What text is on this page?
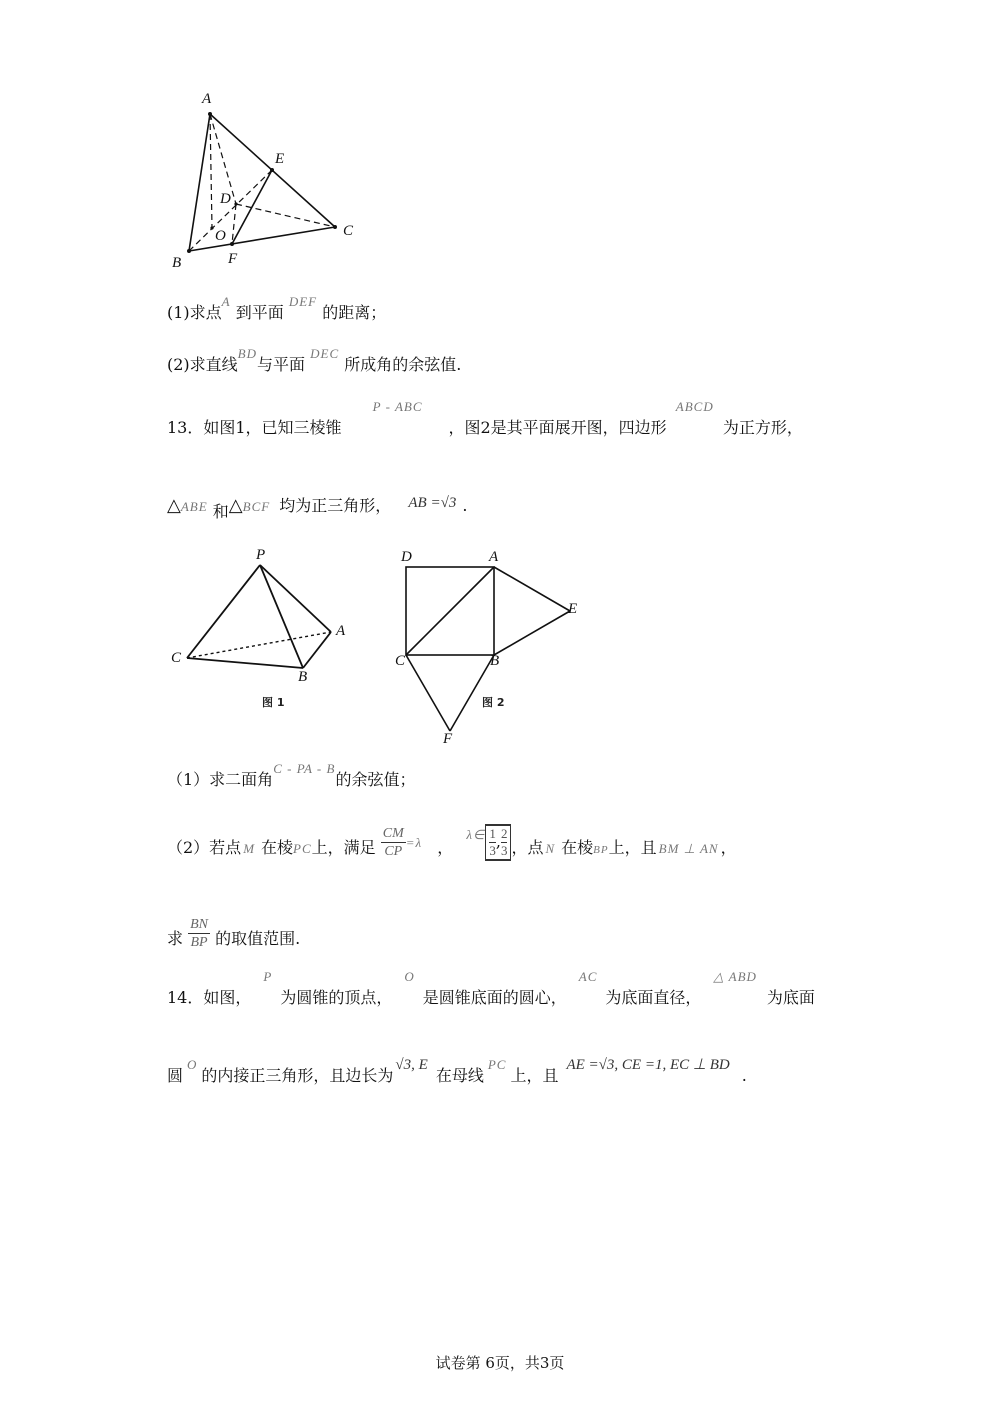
A
E
D
C
O
B	F
(1)求点$^A$ 到平面 $^{DEF}$ 的距离；
(2)求直线$^{BD}$与平面 $^{DEC}$ 所成角的余弦值.
13．如图1，已知三棱锥 $^{P - ABC}$，图2是其平面展开图，四边形 $^{ABCD}$ 为正方形，
△ABE 和△BCF 均为正三角形， AB =√3 .
P
A
C
B
图 1
D	A
E
C	B
图 2
F
（1）求二面角$^{C - PA - B}$的余弦值；
（2）若点 M 在棱PC上，满足 $\frac{CM}{CP} ^{=\lambda}$ ， $^{\lambda\in} \frac{1}{3}$ , $\frac{2}{3}$ ，点 N 在棱BP上，且 BM ⊥ AN ，
求 $\frac{BN}{BP}$ 的取值范围.
14．如图，$^P$为圆锥的顶点，$^O$是圆锥底面的圆心，$^{AC}$为底面直径，$^{\triangle ABD}$为底面
圆$^O$的内接正三角形，且边长为√3, E在母线$^{PC}$上，且AE =√3, CE =1, EC ⊥ BD.
试卷第 6页，共3页
